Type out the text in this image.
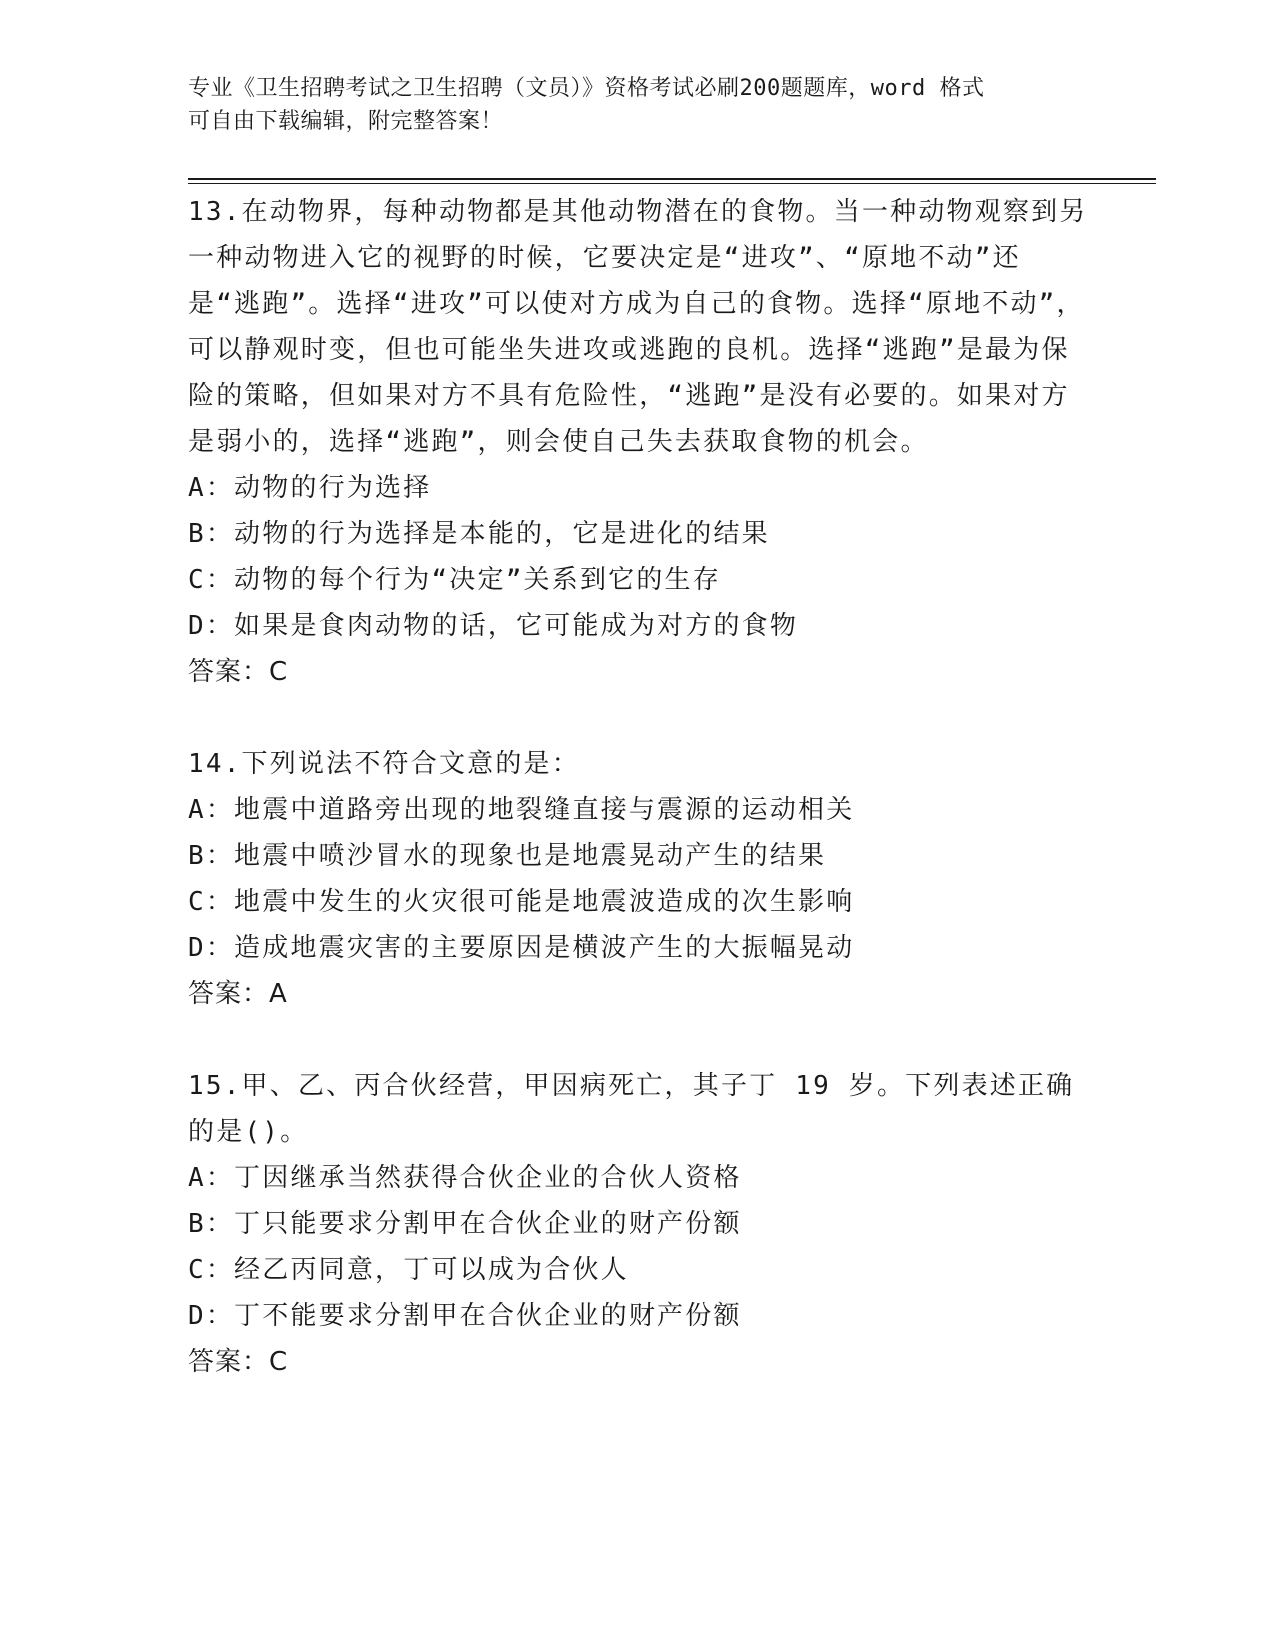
专业《卫生招聘考试之卫生招聘（文员）》资格考试必刷200题题库，word 格式
可自由下载编辑，附完整答案！
13.在动物界，每种动物都是其他动物潜在的食物。当一种动物观察到另一种动物进入它的视野的时候，它要决定是“进攻”、“原地不动”还是“逃跑”。选择“进攻”可以使对方成为自己的食物。选择“原地不动”，可以静观时变，但也可能坐失进攻或逃跑的良机。选择“逃跑”是最为保险的策略，但如果对方不具有危险性，“逃跑”是没有必要的。如果对方是弱小的，选择“逃跑”，则会使自己失去获取食物的机会。
A：动物的行为选择
B：动物的行为选择是本能的，它是进化的结果
C：动物的每个行为“决定”关系到它的生存
D：如果是食肉动物的话，它可能成为对方的食物
答案：C
14.下列说法不符合文意的是：
A：地震中道路旁出现的地裂缝直接与震源的运动相关
B：地震中喷沙冒水的现象也是地震晃动产生的结果
C：地震中发生的火灾很可能是地震波造成的次生影响
D：造成地震灾害的主要原因是横波产生的大振幅晃动
答案：A
15.甲、乙、丙合伙经营，甲因病死亡，其子丁 19 岁。下列表述正确的是()。
A：丁因继承当然获得合伙企业的合伙人资格
B：丁只能要求分割甲在合伙企业的财产份额
C：经乙丙同意，丁可以成为合伙人
D：丁不能要求分割甲在合伙企业的财产份额
答案：C
